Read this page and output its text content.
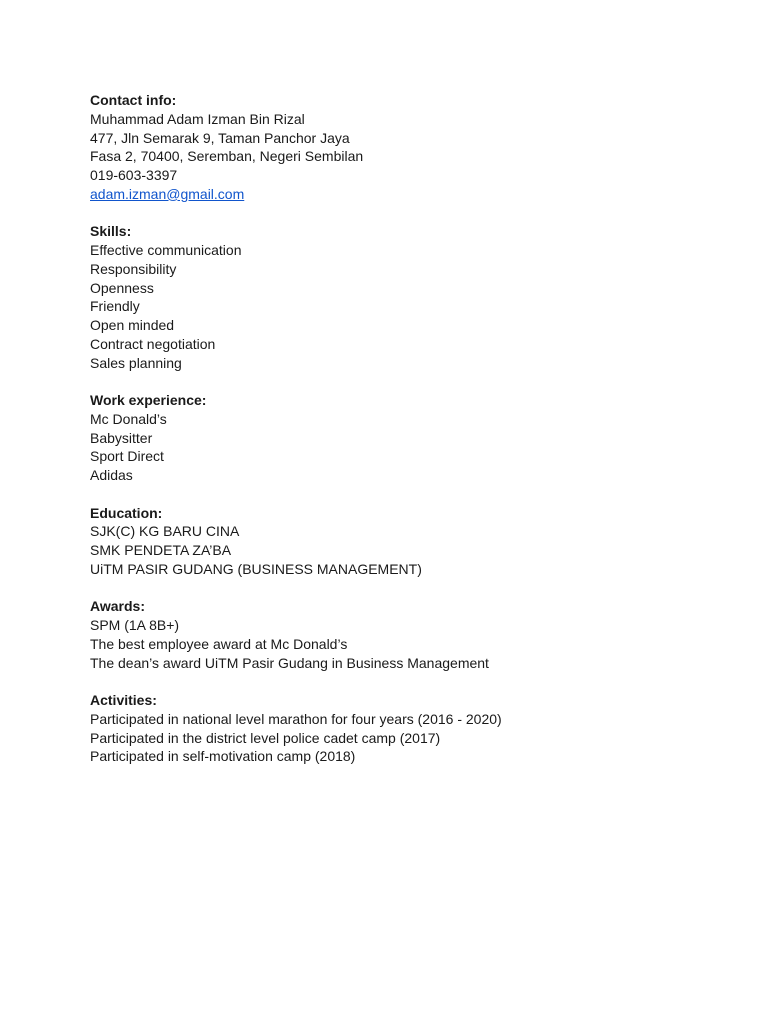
Contact info:
Muhammad Adam Izman Bin Rizal
477, Jln Semarak 9, Taman Panchor Jaya
Fasa 2, 70400, Seremban, Negeri Sembilan
019-603-3397
adam.izman@gmail.com
Skills:
Effective communication
Responsibility
Openness
Friendly
Open minded
Contract negotiation
Sales planning
Work experience:
Mc Donald’s
Babysitter
Sport Direct
Adidas
Education:
SJK(C) KG BARU CINA
SMK PENDETA ZA’BA
UiTM PASIR GUDANG (BUSINESS MANAGEMENT)
Awards:
SPM (1A 8B+)
The best employee award at Mc Donald’s
The dean’s award UiTM Pasir Gudang in Business Management
Activities:
Participated in national level marathon for four years (2016 - 2020)
Participated in the district level police cadet camp (2017)
Participated in self-motivation camp (2018)
